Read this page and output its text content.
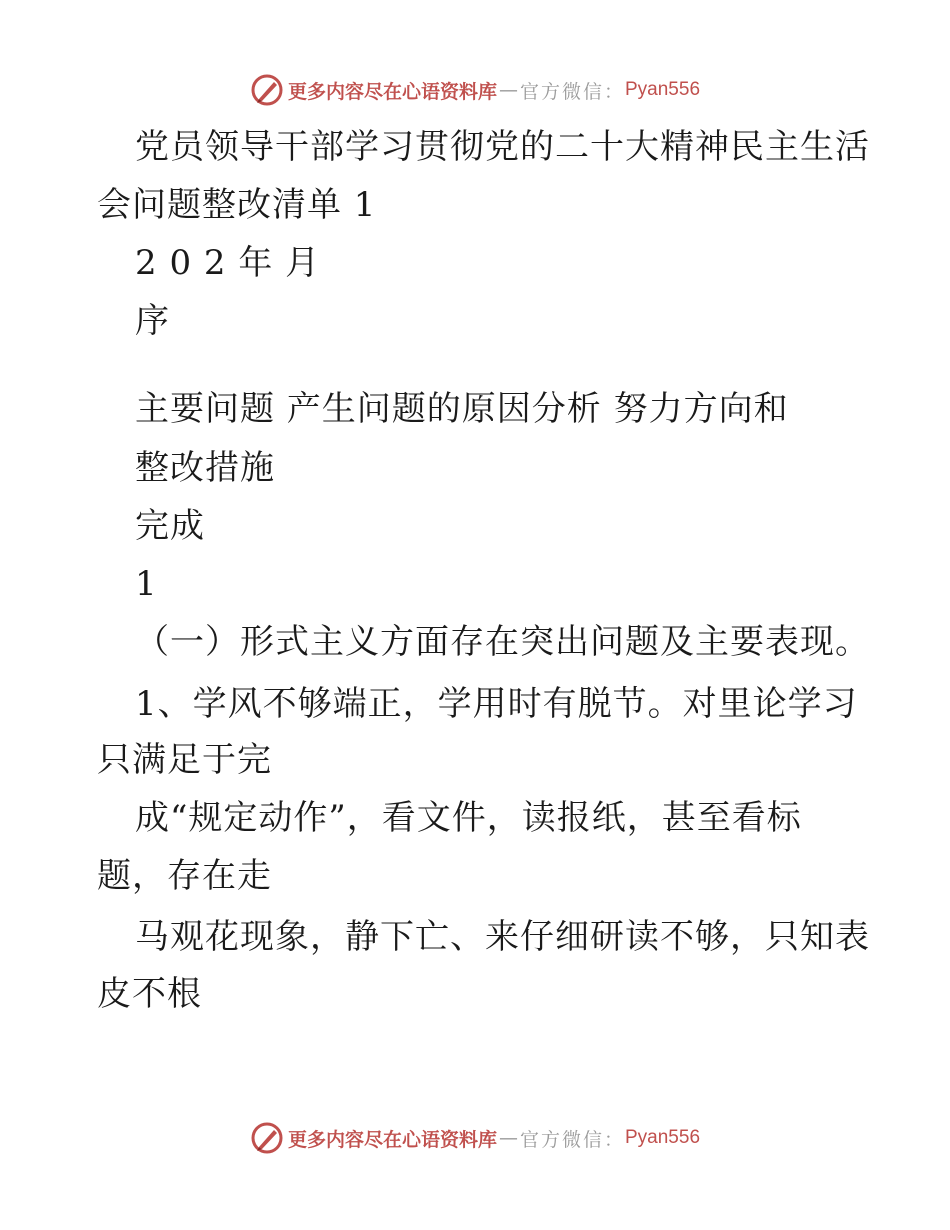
更多内容尽在心语资料库 — 官方微信： Pyan556
党员领导干部学习贯彻党的二十大精神民主生活
会问题整改清单 1
2 0 2 年 月
序
主要问题 产生问题的原因分析 努力方向和
整改措施
完成
1
（一）形式主义方面存在突出问题及主要表现。
1、学风不够端正，学用时有脱节。对里论学习
只满足于完
成“规定动作”，看文件，读报纸，甚至看标
题，存在走
马观花现象，静下亡、来仔细研读不够，只知表
皮不根
更多内容尽在心语资料库 — 官方微信： Pyan556
